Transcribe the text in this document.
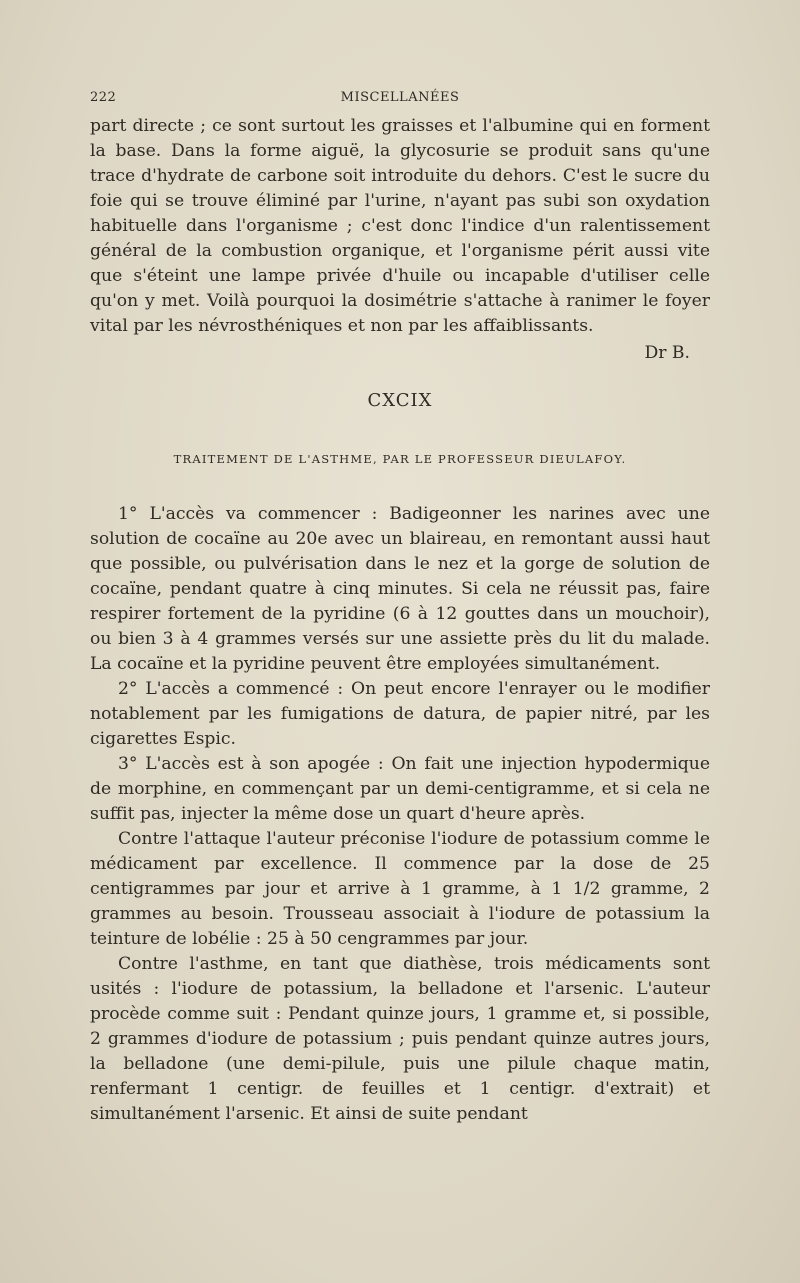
222	MISCELLANÉES

part directe ; ce sont surtout les graisses et l'albumine qui en forment la base. Dans la forme aiguë, la glycosurie se produit sans qu'une trace d'hydrate de carbone soit introduite du dehors. C'est le sucre du foie qui se trouve éliminé par l'urine, n'ayant pas subi son oxydation habituelle dans l'organisme ; c'est donc l'indice d'un ralentissement général de la combustion organique, et l'organisme périt aussi vite que s'éteint une lampe privée d'huile ou incapable d'utiliser celle qu'on y met. Voilà pourquoi la dosimétrie s'attache à ranimer le foyer vital par les névrosthéniques et non par les affaiblissants.

Dr B.

CXCIX

TRAITEMENT DE L'ASTHME, PAR LE PROFESSEUR DIEULAFOY.

1° L'accès va commencer : Badigeonner les narines avec une solution de cocaïne au 20e avec un blaireau, en remontant aussi haut que possible, ou pulvérisation dans le nez et la gorge de solution de cocaïne, pendant quatre à cinq minutes. Si cela ne réussit pas, faire respirer fortement de la pyridine (6 à 12 gouttes dans un mouchoir), ou bien 3 à 4 grammes versés sur une assiette près du lit du malade. La cocaïne et la pyridine peuvent être employées simultanément.

2° L'accès a commencé : On peut encore l'enrayer ou le modifier notablement par les fumigations de datura, de papier nitré, par les cigarettes Espic.

3° L'accès est à son apogée : On fait une injection hypodermique de morphine, en commençant par un demi-centigramme, et si cela ne suffit pas, injecter la même dose un quart d'heure après.

Contre l'attaque l'auteur préconise l'iodure de potassium comme le médicament par excellence. Il commence par la dose de 25 centigrammes par jour et arrive à 1 gramme, à 1 1/2 gramme, 2 grammes au besoin. Trousseau associait à l'iodure de potassium la teinture de lobélie : 25 à 50 cengrammes par jour.

Contre l'asthme, en tant que diathèse, trois médicaments sont usités : l'iodure de potassium, la belladone et l'arsenic. L'auteur procède comme suit : Pendant quinze jours, 1 gramme et, si possible, 2 grammes d'iodure de potassium ; puis pendant quinze autres jours, la belladone (une demi-pilule, puis une pilule chaque matin, renfermant 1 centigr. de feuilles et 1 centigr. d'extrait) et simultanément l'arsenic. Et ainsi de suite pendant
